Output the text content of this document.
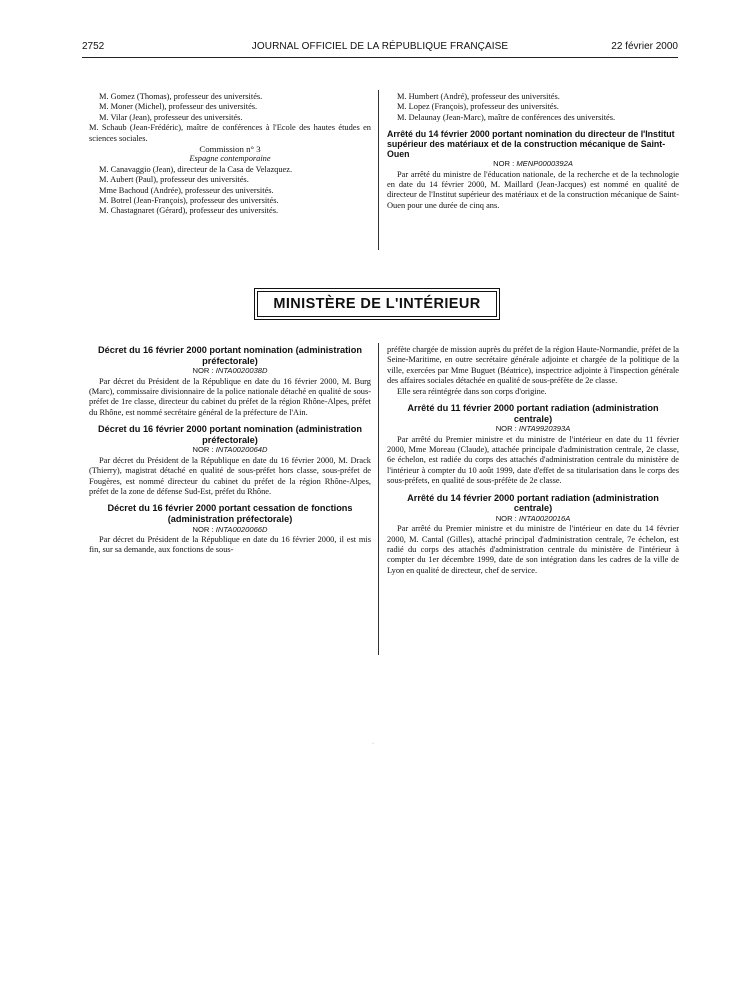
2752	JOURNAL OFFICIEL DE LA RÉPUBLIQUE FRANÇAISE	22 février 2000

M. Gomez (Thomas), professeur des universités.

M. Moner (Michel), professeur des universités.

M. Vilar (Jean), professeur des universités.

M. Schaub (Jean-Frédéric), maître de conférences à l'Ecole des hautes études en sciences sociales.

Commission n° 3

Espagne contemporaine

M. Canavaggio (Jean), directeur de la Casa de Velazquez.

M. Aubert (Paul), professeur des universités.

Mme Bachoud (Andrée), professeur des universités.

M. Botrel (Jean-François), professeur des universités.

M. Chastagnaret (Gérard), professeur des universités.

M. Humbert (André), professeur des universités.

M. Lopez (François), professeur des universités.

M. Delaunay (Jean-Marc), maître de conférences des universités.

Arrêté du 14 février 2000 portant nomination du directeur de l'Institut supérieur des matériaux et de la construction mécanique de Saint-Ouen

NOR : MENP0000392A

Par arrêté du ministre de l'éducation nationale, de la recherche et de la technologie en date du 14 février 2000, M. Maillard (Jean-Jacques) est nommé en qualité de directeur de l'Institut supérieur des matériaux et de la construction mécanique de Saint-Ouen pour une durée de cinq ans.

MINISTÈRE DE L'INTÉRIEUR

Décret du 16 février 2000 portant nomination (administration préfectorale)

NOR : INTA0020038D

Par décret du Président de la République en date du 16 février 2000, M. Burg (Marc), commissaire divisionnaire de la police nationale détaché en qualité de sous-préfet de 1re classe, directeur du cabinet du préfet de la région Rhône-Alpes, préfet du Rhône, est nommé secrétaire général de la préfecture de l'Ain.

Décret du 16 février 2000 portant nomination (administration préfectorale)

NOR : INTA0020064D

Par décret du Président de la République en date du 16 février 2000, M. Drack (Thierry), magistrat détaché en qualité de sous-préfet hors classe, sous-préfet de Fougères, est nommé directeur du cabinet du préfet de la région Rhône-Alpes, préfet de la zone de défense Sud-Est, préfet du Rhône.

Décret du 16 février 2000 portant cessation de fonctions (administration préfectorale)

NOR : INTA0020066D

Par décret du Président de la République en date du 16 février 2000, il est mis fin, sur sa demande, aux fonctions de sous-

préfète chargée de mission auprès du préfet de la région Haute-Normandie, préfet de la Seine-Maritime, en outre secrétaire générale adjointe et chargée de la politique de la ville, exercées par Mme Buguet (Béatrice), inspectrice adjointe à l'inspection générale des affaires sociales détachée en qualité de sous-préfète de 2e classe.

Elle sera réintégrée dans son corps d'origine.

Arrêté du 11 février 2000 portant radiation (administration centrale)

NOR : INTA9920393A

Par arrêté du Premier ministre et du ministre de l'intérieur en date du 11 février 2000, Mme Moreau (Claude), attachée principale d'administration centrale, 2e classe, 6e échelon, est radiée du corps des attachés d'administration centrale du ministère de l'intérieur à compter du 10 août 1999, date d'effet de sa titularisation dans le corps des sous-préfets, en qualité de sous-préfète de 2e classe.

Arrêté du 14 février 2000 portant radiation (administration centrale)

NOR : INTA0020016A

Par arrêté du Premier ministre et du ministre de l'intérieur en date du 14 février 2000, M. Cantal (Gilles), attaché principal d'administration centrale, 7e échelon, est radié du corps des attachés d'administration centrale du ministère de l'intérieur à compter du 1er décembre 1999, date de son intégration dans les cadres de la ville de Lyon en qualité de directeur, chef de service.

·
